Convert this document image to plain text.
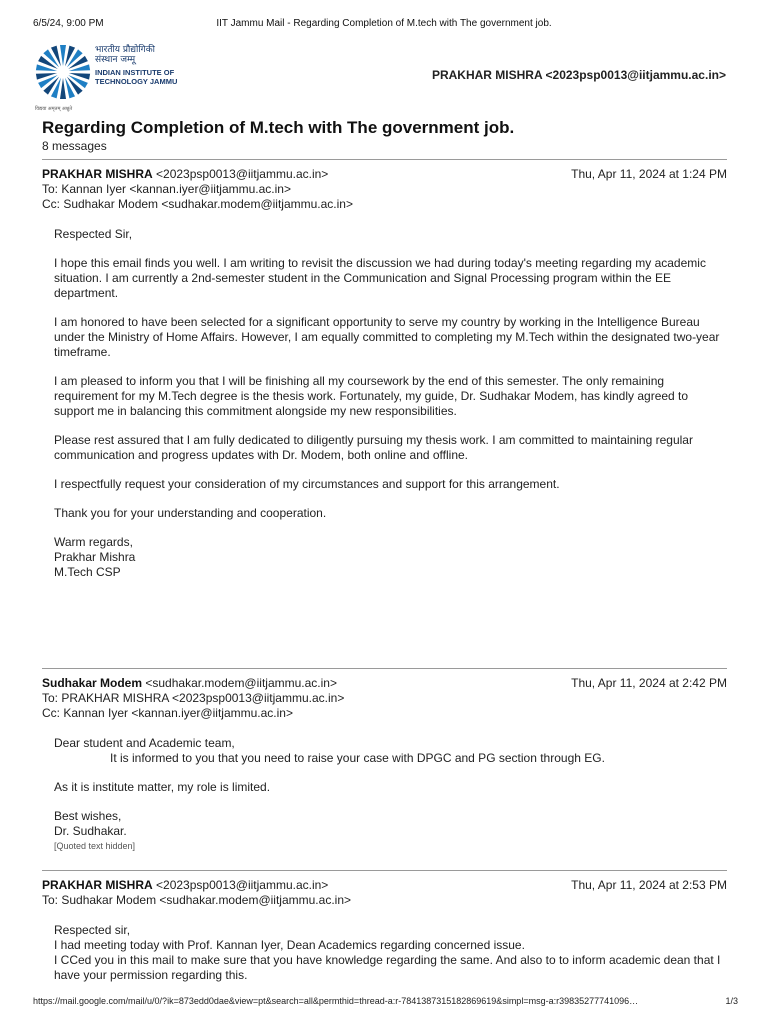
6/5/24, 9:00 PM	IIT Jammu Mail - Regarding Completion of M.tech with The government job.
भारतीय प्रौद्योगिकी
संस्थान जम्मू
INDIAN INSTITUTE OF
TECHNOLOGY JAMMU
विद्यया अमृतम् अश्नुते
PRAKHAR MISHRA <2023psp0013@iitjammu.ac.in>
Regarding Completion of M.tech with The government job.
8 messages
PRAKHAR MISHRA <2023psp0013@iitjammu.ac.in>	Thu, Apr 11, 2024 at 1:24 PM
To: Kannan Iyer <kannan.iyer@iitjammu.ac.in>
Cc: Sudhakar Modem <sudhakar.modem@iitjammu.ac.in>

Respected Sir,

I hope this email finds you well. I am writing to revisit the discussion we had during today's meeting regarding my academic situation. I am currently a 2nd-semester student in the Communication and Signal Processing program within the EE department.

I am honored to have been selected for a significant opportunity to serve my country by working in the Intelligence Bureau under the Ministry of Home Affairs. However, I am equally committed to completing my M.Tech within the designated two-year timeframe.

I am pleased to inform you that I will be finishing all my coursework by the end of this semester. The only remaining requirement for my M.Tech degree is the thesis work. Fortunately, my guide, Dr. Sudhakar Modem, has kindly agreed to support me in balancing this commitment alongside my new responsibilities.

Please rest assured that I am fully dedicated to diligently pursuing my thesis work. I am committed to maintaining regular communication and progress updates with Dr. Modem, both online and offline.

I respectfully request your consideration of my circumstances and support for this arrangement.

Thank you for your understanding and cooperation.

Warm regards,
Prakhar Mishra
M.Tech CSP
Sudhakar Modem <sudhakar.modem@iitjammu.ac.in>	Thu, Apr 11, 2024 at 2:42 PM
To: PRAKHAR MISHRA <2023psp0013@iitjammu.ac.in>
Cc: Kannan Iyer <kannan.iyer@iitjammu.ac.in>
Dear student and Academic team,

It is informed to you that you need to raise your case with DPGC and PG section through EG.

As it is institute matter, my role is limited.

Best wishes,
Dr. Sudhakar.
[Quoted text hidden]
PRAKHAR MISHRA <2023psp0013@iitjammu.ac.in>	Thu, Apr 11, 2024 at 2:53 PM
To: Sudhakar Modem <sudhakar.modem@iitjammu.ac.in>
Respected sir,
I had meeting today with Prof. Kannan Iyer, Dean Academics regarding concerned issue.
I CCed you in this mail to make sure that you have knowledge regarding the same. And also to to inform academic dean that I have your permission regarding this.
https://mail.google.com/mail/u/0/?ik=873edd0dae&view=pt&search=all&permthid=thread-a:r-7841387315182869619&simpl=msg-a:r39835277741096…	1/3
